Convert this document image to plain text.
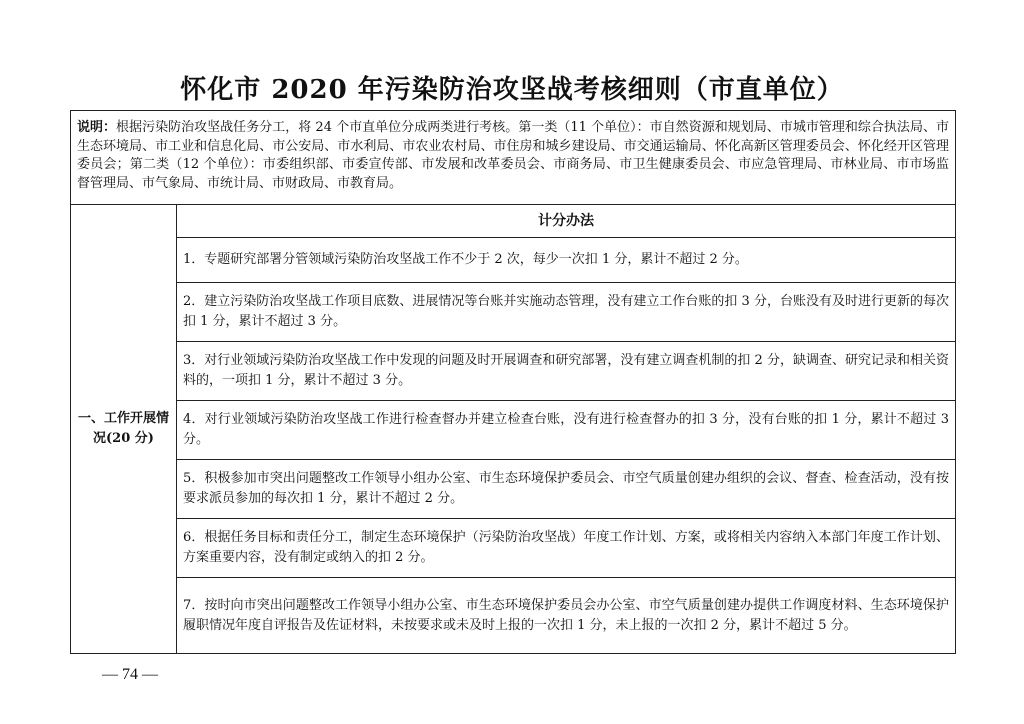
怀化市 2020 年污染防治攻坚战考核细则（市直单位）
说明：根据污染防治攻坚战任务分工，将 24 个市直单位分成两类进行考核。第一类（11 个单位）：市自然资源和规划局、市城市管理和综合执法局、市生态环境局、市工业和信息化局、市公安局、市水利局、市农业农村局、市住房和城乡建设局、市交通运输局、怀化高新区管理委员会、怀化经开区管理委员会；第二类（12 个单位）：市委组织部、市委宣传部、市发展和改革委员会、市商务局、市卫生健康委员会、市应急管理局、市林业局、市市场监督管理局、市气象局、市统计局、市财政局、市教育局。
一、工作开展情况(20 分)
计分办法
1．专题研究部署分管领域污染防治攻坚战工作不少于 2 次，每少一次扣 1 分，累计不超过 2 分。
2．建立污染防治攻坚战工作项目底数、进展情况等台账并实施动态管理，没有建立工作台账的扣 3 分，台账没有及时进行更新的每次扣 1 分，累计不超过 3 分。
3．对行业领域污染防治攻坚战工作中发现的问题及时开展调查和研究部署，没有建立调查机制的扣 2 分，缺调查、研究记录和相关资料的，一项扣 1 分，累计不超过 3 分。
4．对行业领域污染防治攻坚战工作进行检查督办并建立检查台账，没有进行检查督办的扣 3 分，没有台账的扣 1 分，累计不超过 3 分。
5．积极参加市突出问题整改工作领导小组办公室、市生态环境保护委员会、市空气质量创建办组织的会议、督查、检查活动，没有按要求派员参加的每次扣 1 分，累计不超过 2 分。
6．根据任务目标和责任分工，制定生态环境保护（污染防治攻坚战）年度工作计划、方案，或将相关内容纳入本部门年度工作计划、方案重要内容，没有制定或纳入的扣 2 分。
7．按时向市突出问题整改工作领导小组办公室、市生态环境保护委员会办公室、市空气质量创建办提供工作调度材料、生态环境保护履职情况年度自评报告及佐证材料，未按要求或未及时上报的一次扣 1 分，未上报的一次扣 2 分，累计不超过 5 分。
— 74 —
